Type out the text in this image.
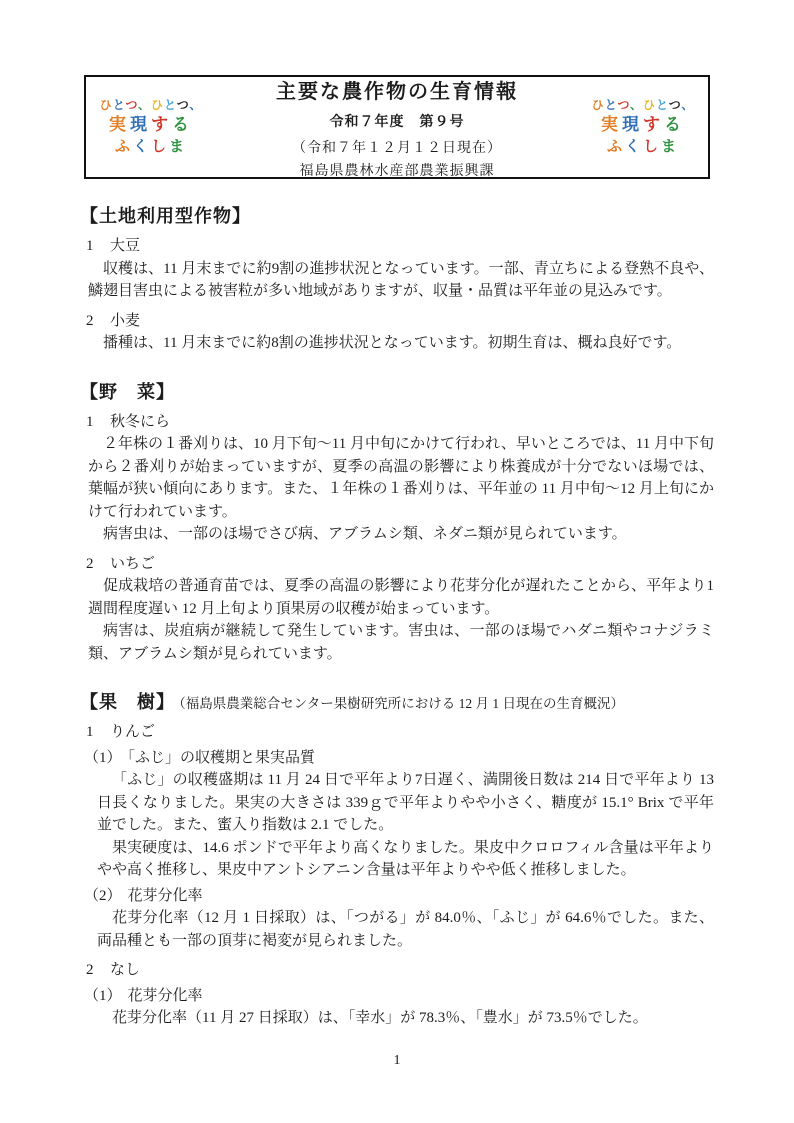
ひとつ、ひとつ、
実現する
ふくしま
主要な農作物の生育情報
令和７年度　第９号
（令和７年１２月１２日現在）
福島県農林水産部農業振興課
ひとつ、ひとつ、
実現する
ふくしま
【土地利用型作物】
1 大豆

収穫は、11 月末までに約9割の進捗状況となっています。一部、青立ちによる登熟不良や、鱗翅目害虫による被害粒が多い地域がありますが、収量・品質は平年並の見込みです。

2 小麦

播種は、11 月末までに約8割の進捗状況となっています。初期生育は、概ね良好です。

【野　菜】
1 秋冬にら

２年株の１番刈りは、10 月下旬～11 月中旬にかけて行われ、早いところでは、11 月中下旬から２番刈りが始まっていますが、夏季の高温の影響により株養成が十分でないほ場では、葉幅が狭い傾向にあります。また、１年株の１番刈りは、平年並の 11 月中旬～12 月上旬にかけて行われています。

病害虫は、一部のほ場でさび病、アブラムシ類、ネダニ類が見られています。

2 いちご

促成栽培の普通育苗では、夏季の高温の影響により花芽分化が遅れたことから、平年より1週間程度遅い 12 月上旬より頂果房の収穫が始まっています。

病害は、炭疽病が継続して発生しています。害虫は、一部のほ場でハダニ類やコナジラミ類、アブラムシ類が見られています。

【果　樹】 （福島県農業総合センター果樹研究所における 12 月 1 日現在の生育概況）
1 りんご
（1） 「ふじ」の収穫期と果実品質

「ふじ」の収穫盛期は 11 月 24 日で平年より7日遅く、満開後日数は 214 日で平年より 13 日長くなりました。果実の大きさは 339ｇで平年よりやや小さく、糖度が 15.1° Brix で平年並でした。また、蜜入り指数は 2.1 でした。

果実硬度は、14.6 ポンドで平年より高くなりました。果皮中クロロフィル含量は平年よりやや高く推移し、果皮中アントシアニン含量は平年よりやや低く推移しました。

（2） 花芽分化率

花芽分化率（12 月 1 日採取）は、「つがる」が 84.0％、「ふじ」が 64.6％でした。また、両品種とも一部の頂芽に褐変が見られました。

2 なし
（1） 花芽分化率

花芽分化率（11 月 27 日採取）は、「幸水」が 78.3％、「豊水」が 73.5％でした。

1
